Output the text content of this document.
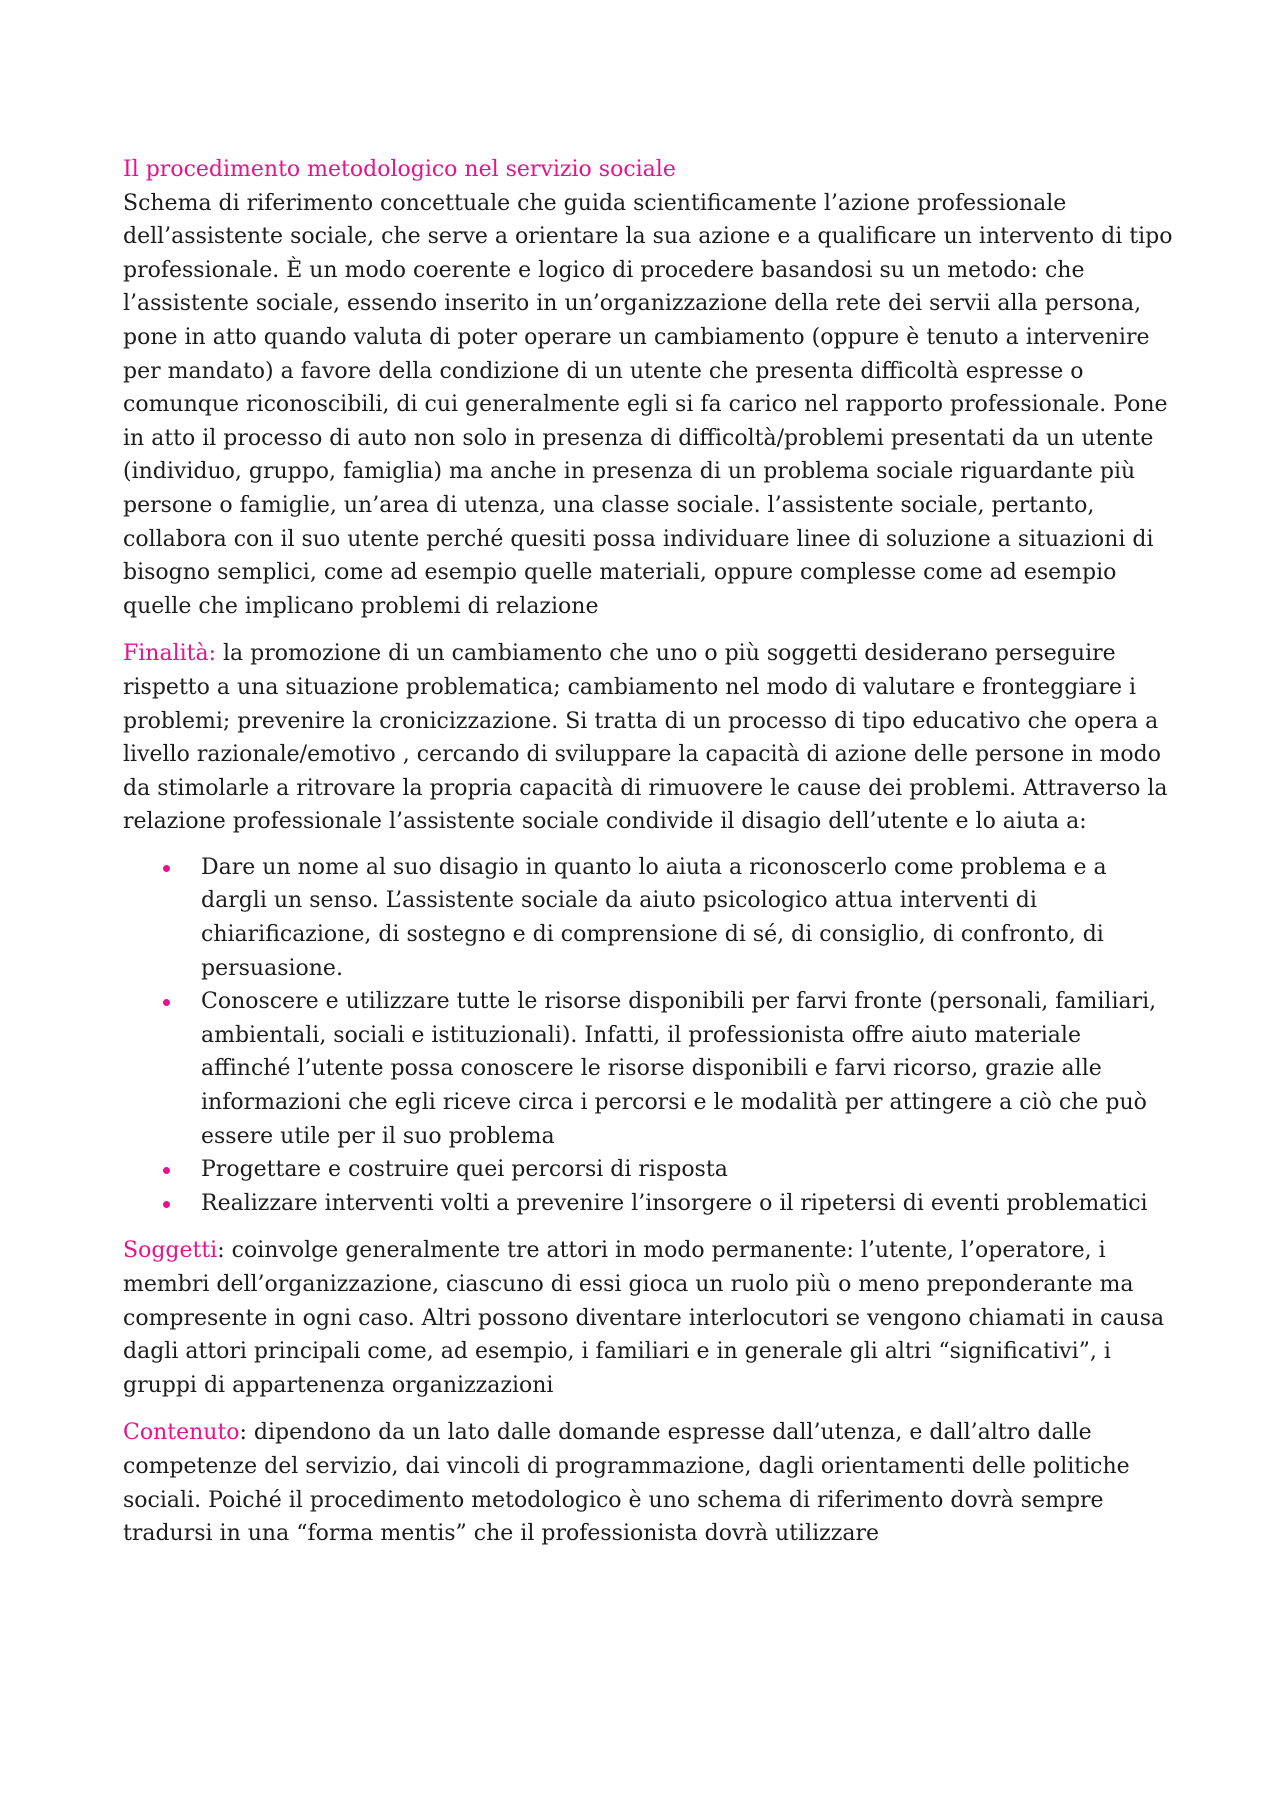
Il procedimento metodologico nel servizio sociale

Schema di riferimento concettuale che guida scientificamente l’azione professionale dell’assistente sociale, che serve a orientare la sua azione e a qualificare un intervento di tipo professionale. È un modo coerente e logico di procedere basandosi su un metodo: che l’assistente sociale, essendo inserito in un’organizzazione della rete dei servii alla persona, pone in atto quando valuta di poter operare un cambiamento (oppure è tenuto a intervenire per mandato) a favore della condizione di un utente che presenta difficoltà espresse o comunque riconoscibili, di cui generalmente egli si fa carico nel rapporto professionale. Pone in atto il processo di auto non solo in presenza di difficoltà/problemi presentati da un utente (individuo, gruppo, famiglia) ma anche in presenza di un problema sociale riguardante più persone o famiglie, un’area di utenza, una classe sociale. l’assistente sociale, pertanto, collabora con il suo utente perché quesiti possa individuare linee di soluzione a situazioni di bisogno semplici, come ad esempio quelle materiali, oppure complesse come ad esempio quelle che implicano problemi di relazione

Finalità: la promozione di un cambiamento che uno o più soggetti desiderano perseguire rispetto a una situazione problematica; cambiamento nel modo di valutare e fronteggiare i problemi; prevenire la cronicizzazione. Si tratta di un processo di tipo educativo che opera a livello razionale/emotivo , cercando di sviluppare la capacità di azione delle persone in modo da stimolarle a ritrovare la propria capacità di rimuovere le cause dei problemi. Attraverso la relazione professionale l’assistente sociale condivide il disagio dell’utente e lo aiuta a:

Dare un nome al suo disagio in quanto lo aiuta a riconoscerlo come problema e a dargli un senso. L’assistente sociale da aiuto psicologico attua interventi di chiarificazione, di sostegno e di comprensione di sé, di consiglio, di confronto, di persuasione.
Conoscere e utilizzare tutte le risorse disponibili per farvi fronte (personali, familiari, ambientali, sociali e istituzionali). Infatti, il professionista offre aiuto materiale affinché l’utente possa conoscere le risorse disponibili e farvi ricorso, grazie alle informazioni che egli riceve circa i percorsi e le modalità per attingere a ciò che può essere utile per il suo problema
Progettare e costruire quei percorsi di risposta
Realizzare interventi volti a prevenire l’insorgere o il ripetersi di eventi problematici

Soggetti: coinvolge generalmente tre attori in modo permanente: l’utente, l’operatore, i membri dell’organizzazione, ciascuno di essi gioca un ruolo più o meno preponderante ma compresente in ogni caso. Altri possono diventare interlocutori se vengono chiamati in causa dagli attori principali come, ad esempio, i familiari e in generale gli altri “significativi”, i gruppi di appartenenza organizzazioni

Contenuto: dipendono da un lato dalle domande espresse dall’utenza, e dall’altro dalle competenze del servizio, dai vincoli di programmazione, dagli orientamenti delle politiche sociali. Poiché il procedimento metodologico è uno schema di riferimento dovrà sempre tradursi in una “forma mentis” che il professionista dovrà utilizzare
